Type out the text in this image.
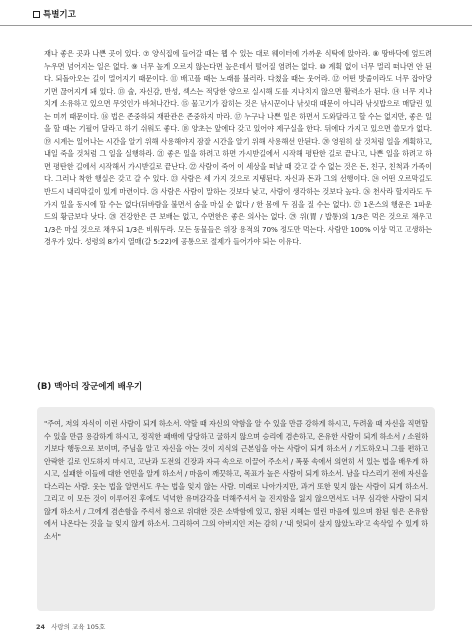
특별기고

재나 좋은 곳과 나쁜 곳이 있다. ⑦ 양식집에 들어갈 때는 웹 수 있는 대로 웨이터에 가까운 식탁에 앉아라. ⑧ 땅바닥에 엎드려 누우면 넘어지는 일은 없다. ⑨ 너무 높게 오르지 않는다면 높은데서 떨어질 염려는 없다. ⑩ 계획 없이 너무 멀리 떠나면 안 된다. 되돌아오는 길이 멀어지기 때문이다. ⑪ 배고플 때는 노래를 불러라. 다쳤을 때는 웃어라. ⑫ 어떤 밧줄이라도 너무 잡아당기면 끊어지게 돼 있다. ⑬ 술, 자신감, 반성, 섹스는 적당한 양으로 실시해 도를 지나치지 않으면 활력소가 된다. ⑭ 너무 지나치게 소유하고 있으면 무엇인가 바쳐나간다. ⑮ 물고기가 잡히는 것은 낚시꾼이나 낚싯대 때문이 아니라 낚싯밥으로 매달린 있는 미끼 때문이다. ⑯ 법은 존중하되 재판관은 존중하지 마라. ⑰ 누구나 나쁜 일은 하면서 도와달라고 할 수는 없지만, 좋은 일을 할 때는 기필어 달라고 하기 쉬워도 좋다. ⑱ 양초는 앞에다 갖고 있어야 제구실을 한다. 뒤에다 가지고 있으면 쓸모가 없다. ⑲ 시계는 일어나는 시간을 알기 위해 사용해야지 잠잘 시간을 알기 위해 사용해선 안된다. ⑳ 영원히 살 것처럼 일을 계획하고, 내일 죽을 것처럼 그 일을 실행하라. ㉑ 좋은 일을 하려고 하면 가시받길에서 시작해 평탄한 길로 끝나고, 나쁜 일을 하려고 하면 평탄한 길에서 시작해서 가시받길로 끝난다. ㉒ 사람이 죽어 이 세상을 떠날 때 갖고 갈 수 없는 것은 돈, 친구, 친척과 가족이다. 그러나 착한 행실은 갖고 갈 수 있다. ㉓ 사람은 세 가지 것으로 지탱된다. 자신과 돈과 그의 선행이다. ㉔ 어떤 오르막길도 반드시 내리막길이 있게 마련이다. ㉕ 사람은 사람이 말하는 것보다 낮고, 사람이 생각하는 것보다 높다. ㉖ 천사라 할지라도 두 가지 일을 동시에 할 수는 없다(뒤바람을 불면서 숨을 마실 순 없다 / 한 몸에 두 짐을 질 수는 없다). ㉗ 1온스의 행운은 1파운드의 황금보다 낫다. ㉘ 건강한은 큰 보배는 없고, 수면한은 좋은 의사는 없다. ㉙ 위(胃 / 밥통)의 1/3은 먹은 것으로 채우고 1/3은 마실 것으로 채우되 1/3은 비워두라. 모든 동물들은 위장 용적의 70% 정도만 먹는다. 사람만 100% 이상 먹고 고생하는 경우가 있다. 성령의 8가지 열매(갈 5:22)에 공통으로 절제가 들어가야 되는 이유다.

(B) 맥아더 장군에게 배우기

"주여, 저의 자식이 이런 사람이 되게 하소서. 약할 때 자신의 약함을 알 수 있을 만큼 강하게 하시고, 두려울 때 자신을 직면할 수 있을 만큼 용감하게 하시고, 정직한 패배에 당당하고 굴하지 않으며 승리에 겸손하고, 온유한 사람이 되게 하소서 / 소원하기보다 행동으로 보이며, 주님을 알고 자신을 아는 것이 지식의 근본임을 아는 사람이 되게 하소서 / 기도하오니 그를 편하고 안락한 길로 인도하지 마시고, 고난과 도전의 긴장과 자극 속으로 이끌어 주소서 / 폭풍 속에서 의연히 서 있는 법을 배우게 하시고, 실패한 이들에 대한 연민을 알게 하소서 / 마음이 깨끗하고, 목표가 높은 사람이 되게 하소서. 남을 다스리기 전에 자신을 다스리는 사람. 웃는 법을 알면서도 우는 법을 잊지 않는 사람. 미래로 나아가지만, 과거 또한 잊지 않는 사람이 되게 하소서. 그리고 이 모든 것이 이루어진 후에도 넉넉한 유머감각을 더해주셔서 늘 진지함을 잃지 않으면서도 너무 심각한 사람이 되지 않게 하소서 / 그에게 겸손함을 주셔서 참으로 위대한 것은 소박함에 있고, 참된 지혜는 열린 마음에 있으며 참된 힘은 온유함에서 나온다는 것을 늘 잊지 않게 하소서. 그리하여 그의 아버지인 저는 감히 / '내 헛되이 살지 않았노라'고 속삭일 수 있게 하소서"

24 사랑의 교육 105호
